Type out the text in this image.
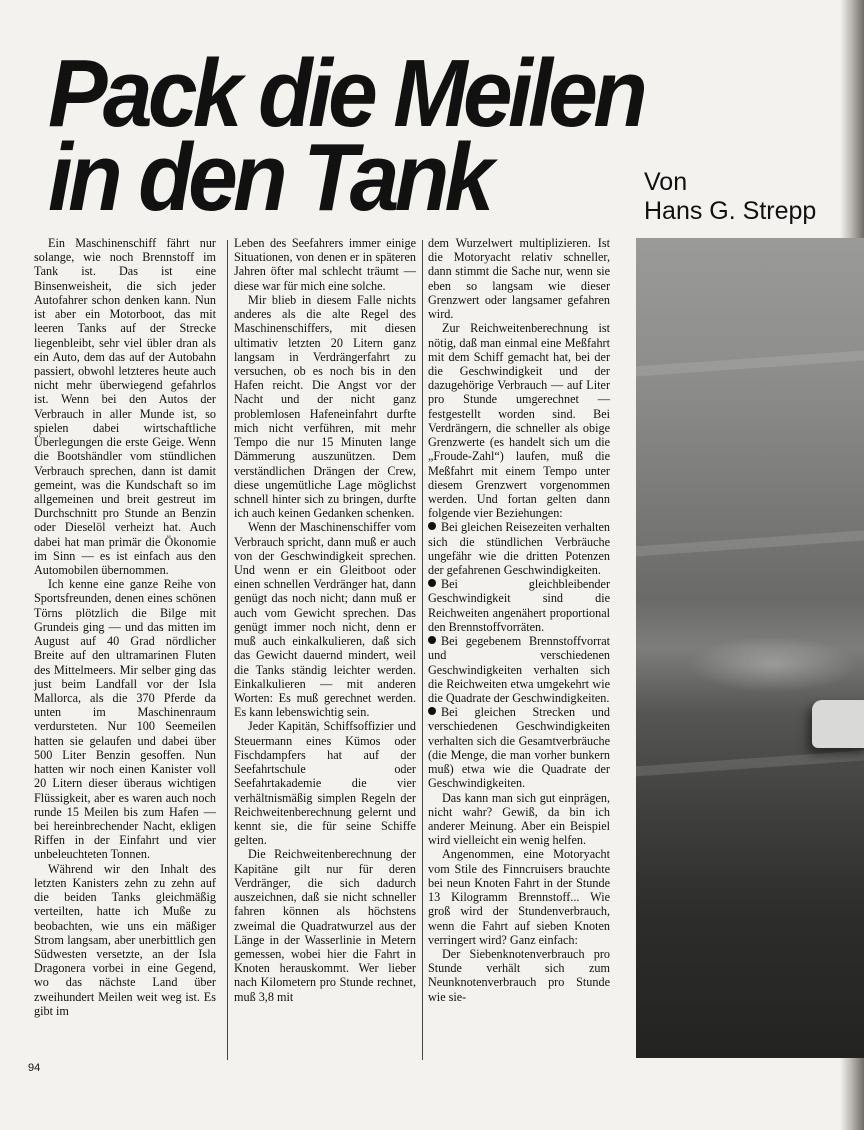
Pack die Meilen
in den Tank	Von
Hans G. Strepp

Ein Maschinenschiff fährt nur solange, wie noch Brennstoff im Tank ist. Das ist eine Binsenweisheit, die sich jeder Autofahrer schon denken kann. Nun ist aber ein Motorboot, das mit leeren Tanks auf der Strecke liegenbleibt, sehr viel übler dran als ein Auto, dem das auf der Autobahn passiert, obwohl letzteres heute auch nicht mehr überwiegend gefahrlos ist. Wenn bei den Autos der Verbrauch in aller Munde ist, so spielen dabei wirtschaftliche Überlegungen die erste Geige. Wenn die Bootshändler vom stündlichen Verbrauch sprechen, dann ist damit gemeint, was die Kundschaft so im allgemeinen und breit gestreut im Durchschnitt pro Stunde an Benzin oder Dieselöl verheizt hat. Auch dabei hat man primär die Ökonomie im Sinn — es ist einfach aus den Automobilen übernommen.

Ich kenne eine ganze Reihe von Sportsfreunden, denen eines schönen Törns plötzlich die Bilge mit Grundeis ging — und das mitten im August auf 40 Grad nördlicher Breite auf den ultramarinen Fluten des Mittelmeers. Mir selber ging das just beim Landfall vor der Isla Mallorca, als die 370 Pferde da unten im Maschinenraum verdursteten. Nur 100 Seemeilen hatten sie gelaufen und dabei über 500 Liter Benzin gesoffen. Nun hatten wir noch einen Kanister voll 20 Litern dieser überaus wichtigen Flüssigkeit, aber es waren auch noch runde 15 Meilen bis zum Hafen — bei hereinbrechender Nacht, ekligen Riffen in der Einfahrt und vier unbeleuchteten Tonnen.

Während wir den Inhalt des letzten Kanisters zehn zu zehn auf die beiden Tanks gleichmäßig verteilten, hatte ich Muße zu beobachten, wie uns ein mäßiger Strom langsam, aber unerbittlich gen Südwesten versetzte, an der Isla Dragonera vorbei in eine Gegend, wo das nächste Land über zweihundert Meilen weit weg ist. Es gibt im

Leben des Seefahrers immer einige Situationen, von denen er in späteren Jahren öfter mal schlecht träumt — diese war für mich eine solche.

Mir blieb in diesem Falle nichts anderes als die alte Regel des Maschinenschiffers, mit diesen ultimativ letzten 20 Litern ganz langsam in Verdrängerfahrt zu versuchen, ob es noch bis in den Hafen reicht. Die Angst vor der Nacht und der nicht ganz problemlosen Hafeneinfahrt durfte mich nicht verführen, mit mehr Tempo die nur 15 Minuten lange Dämmerung auszunützen. Dem verständlichen Drängen der Crew, diese ungemütliche Lage möglichst schnell hinter sich zu bringen, durfte ich auch keinen Gedanken schenken.

Wenn der Maschinenschiffer vom Verbrauch spricht, dann muß er auch von der Geschwindigkeit sprechen. Und wenn er ein Gleitboot oder einen schnellen Verdränger hat, dann genügt das noch nicht; dann muß er auch vom Gewicht sprechen. Das genügt immer noch nicht, denn er muß auch einkalkulieren, daß sich das Gewicht dauernd mindert, weil die Tanks ständig leichter werden. Einkalkulieren — mit anderen Worten: Es muß gerechnet werden. Es kann lebenswichtig sein.

Jeder Kapitän, Schiffsoffizier und Steuermann eines Kümos oder Fischdampfers hat auf der Seefahrtschule oder Seefahrtakademie die vier verhältnismäßig simplen Regeln der Reichweitenberechnung gelernt und kennt sie, die für seine Schiffe gelten.

Die Reichweitenberechnung der Kapitäne gilt nur für deren Verdränger, die sich dadurch auszeichnen, daß sie nicht schneller fahren können als höchstens zweimal die Quadratwurzel aus der Länge in der Wasserlinie in Metern gemessen, wobei hier die Fahrt in Knoten herauskommt. Wer lieber nach Kilometern pro Stunde rechnet, muß 3,8 mit

dem Wurzelwert multiplizieren. Ist die Motoryacht relativ schneller, dann stimmt die Sache nur, wenn sie eben so langsam wie dieser Grenzwert oder langsamer gefahren wird.

Zur Reichweitenberechnung ist nötig, daß man einmal eine Meßfahrt mit dem Schiff gemacht hat, bei der die Geschwindigkeit und der dazugehörige Verbrauch — auf Liter pro Stunde umgerechnet — festgestellt worden sind. Bei Verdrängern, die schneller als obige Grenzwerte (es handelt sich um die „Froude-Zahl“) laufen, muß die Meßfahrt mit einem Tempo unter diesem Grenzwert vorgenommen werden. Und fortan gelten dann folgende vier Beziehungen:

Bei gleichen Reisezeiten verhalten sich die stündlichen Verbräuche ungefähr wie die dritten Potenzen der gefahrenen Geschwindigkeiten.

Bei gleichbleibender Geschwindigkeit sind die Reichweiten angenähert proportional den Brennstoffvorräten.

Bei gegebenem Brennstoffvorrat und verschiedenen Geschwindigkeiten verhalten sich die Reichweiten etwa umgekehrt wie die Quadrate der Geschwindigkeiten.

Bei gleichen Strecken und verschiedenen Geschwindigkeiten verhalten sich die Gesamtverbräuche (die Menge, die man vorher bunkern muß) etwa wie die Quadrate der Geschwindigkeiten.

Das kann man sich gut einprägen, nicht wahr? Gewiß, da bin ich anderer Meinung. Aber ein Beispiel wird vielleicht ein wenig helfen.

Angenommen, eine Motoryacht vom Stile des Finncruisers brauchte bei neun Knoten Fahrt in der Stunde 13 Kilogramm Brennstoff... Wie groß wird der Stundenverbrauch, wenn die Fahrt auf sieben Knoten verringert wird? Ganz einfach:

Der Siebenknotenverbrauch pro Stunde verhält sich zum Neunknotenverbrauch pro Stunde wie sie-

94
